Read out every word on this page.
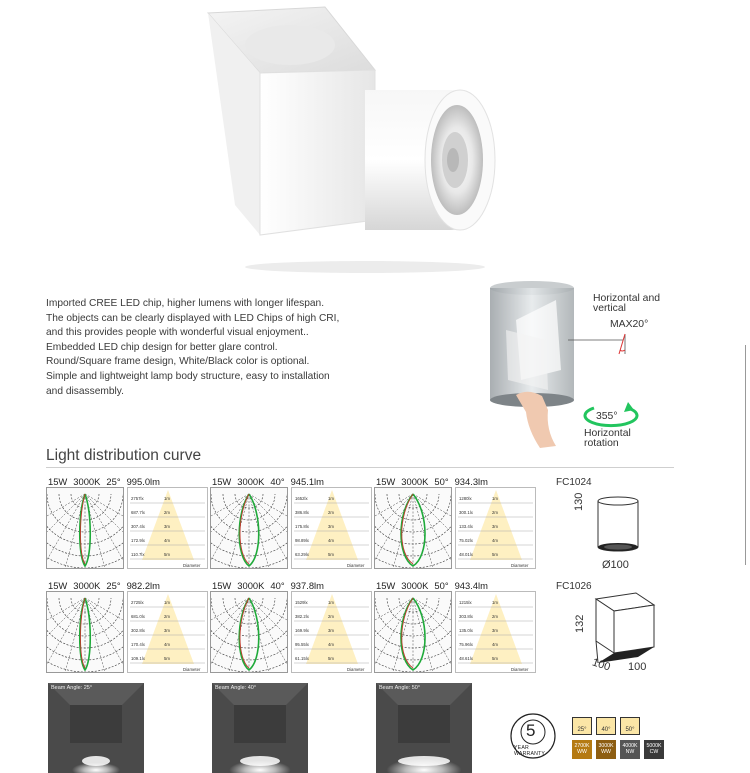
Imported CREE LED chip, higher lumens with longer lifespan.

The objects can be clearly displayed with LED Chips of high CRI,

and this provides people with wonderful visual enjoyment..

Embedded LED chip design for better glare control.

Round/Square frame design, White/Black color is optional.

Simple and lightweight lamp body structure, easy to installation

and disassembly.

Horizontal and
vertical
MAX20°
355°
Horizontal
rotation
Light distribution curve
15W 3000K 25° 995.0lm
2757lx	1m
687.7lx	2m
307.4lx	3m
172.9lx	4m
110.7lx	5m
Diameter
15W 3000K 40° 945.1lm
1652lx	1m
386.8lx	2m
175.8lx	3m
98.89lx	4m
63.29lx	5m
Diameter
15W 3000K 50° 934.3lm
1280lx	1m
300.1lx	2m
133.4lx	3m
75.02lx	4m
48.01lx	5m
Diameter
15W 3000K 25° 982.2lm
2725lx	1m
681.0lx	2m
302.8lx	3m
170.4lx	4m
109.1lx	5m
Diameter
15W 3000K 40° 937.8lm
1529lx	1m
382.2lx	2m
169.9lx	3m
95.55lx	4m
61.15lx	5m
Diameter
15W 3000K 50° 943.4lm
1215lx	1m
303.8lx	2m
135.0lx	3m
75.96lx	4m
48.61lx	5m
Diameter
FC1024
130
Ø100
FC1026
132
100 100
Beam Angle: 25°	Beam Angle: 40°	Beam Angle: 50°
5
YEAR WARRANTY
25°	40°	50°
2700K
WW
3000K
WW
4000K
NW
5000K
CW
